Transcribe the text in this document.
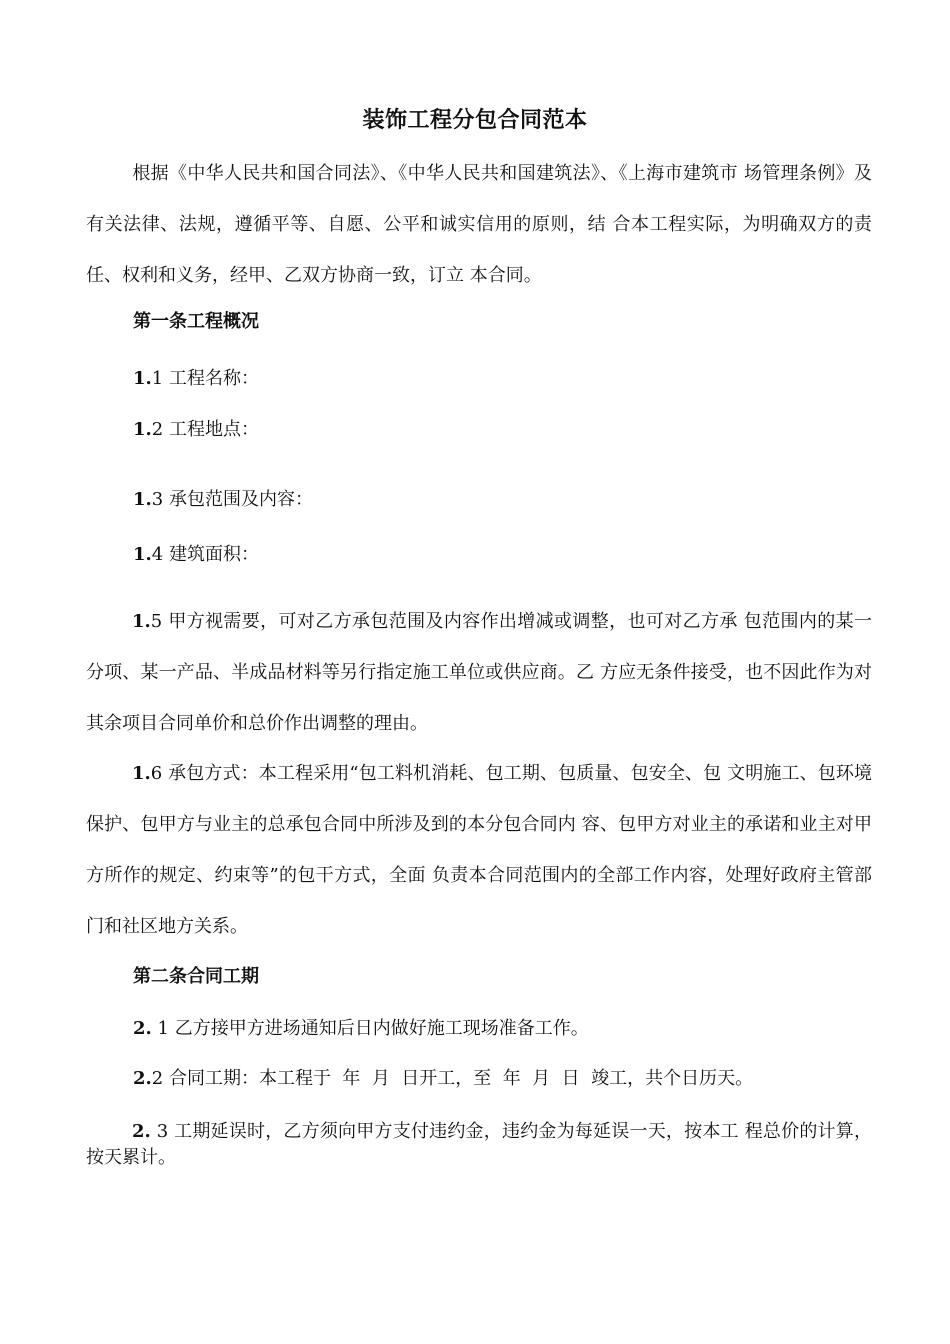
装饰工程分包合同范本
根据《中华人民共和国合同法》、《中华人民共和国建筑法》、《上海市建筑市 场管理条例》及有关法律、法规，遵循平等、自愿、公平和诚实信用的原则，结 合本工程实际，为明确双方的责任、权利和义务，经甲、乙双方协商一致，订立 本合同。
第一条工程概况
1.1 工程名称：
1.2 工程地点：
1.3 承包范围及内容：
1.4 建筑面积：
1.5 甲方视需要，可对乙方承包范围及内容作出增减或调整，也可对乙方承 包范围内的某一分项、某一产品、半成品材料等另行指定施工单位或供应商。乙 方应无条件接受，也不因此作为对其余项目合同单价和总价作出调整的理由。
1.6 承包方式：本工程采用“包工料机消耗、包工期、包质量、包安全、包 文明施工、包环境保护、包甲方与业主的总承包合同中所涉及到的本分包合同内 容、包甲方对业主的承诺和业主对甲方所作的规定、约束等”的包干方式，全面 负责本合同范围内的全部工作内容，处理好政府主管部门和社区地方关系。
第二条合同工期
2. 1 乙方接甲方进场通知后日内做好施工现场准备工作。
2.2 合同工期：本工程于  年  月  日开工，至  年  月  日  竣工，共个日历天。
2. 3 工期延误时，乙方须向甲方支付违约金，违约金为每延误一天，按本工 程总价的计算，按天累计。
